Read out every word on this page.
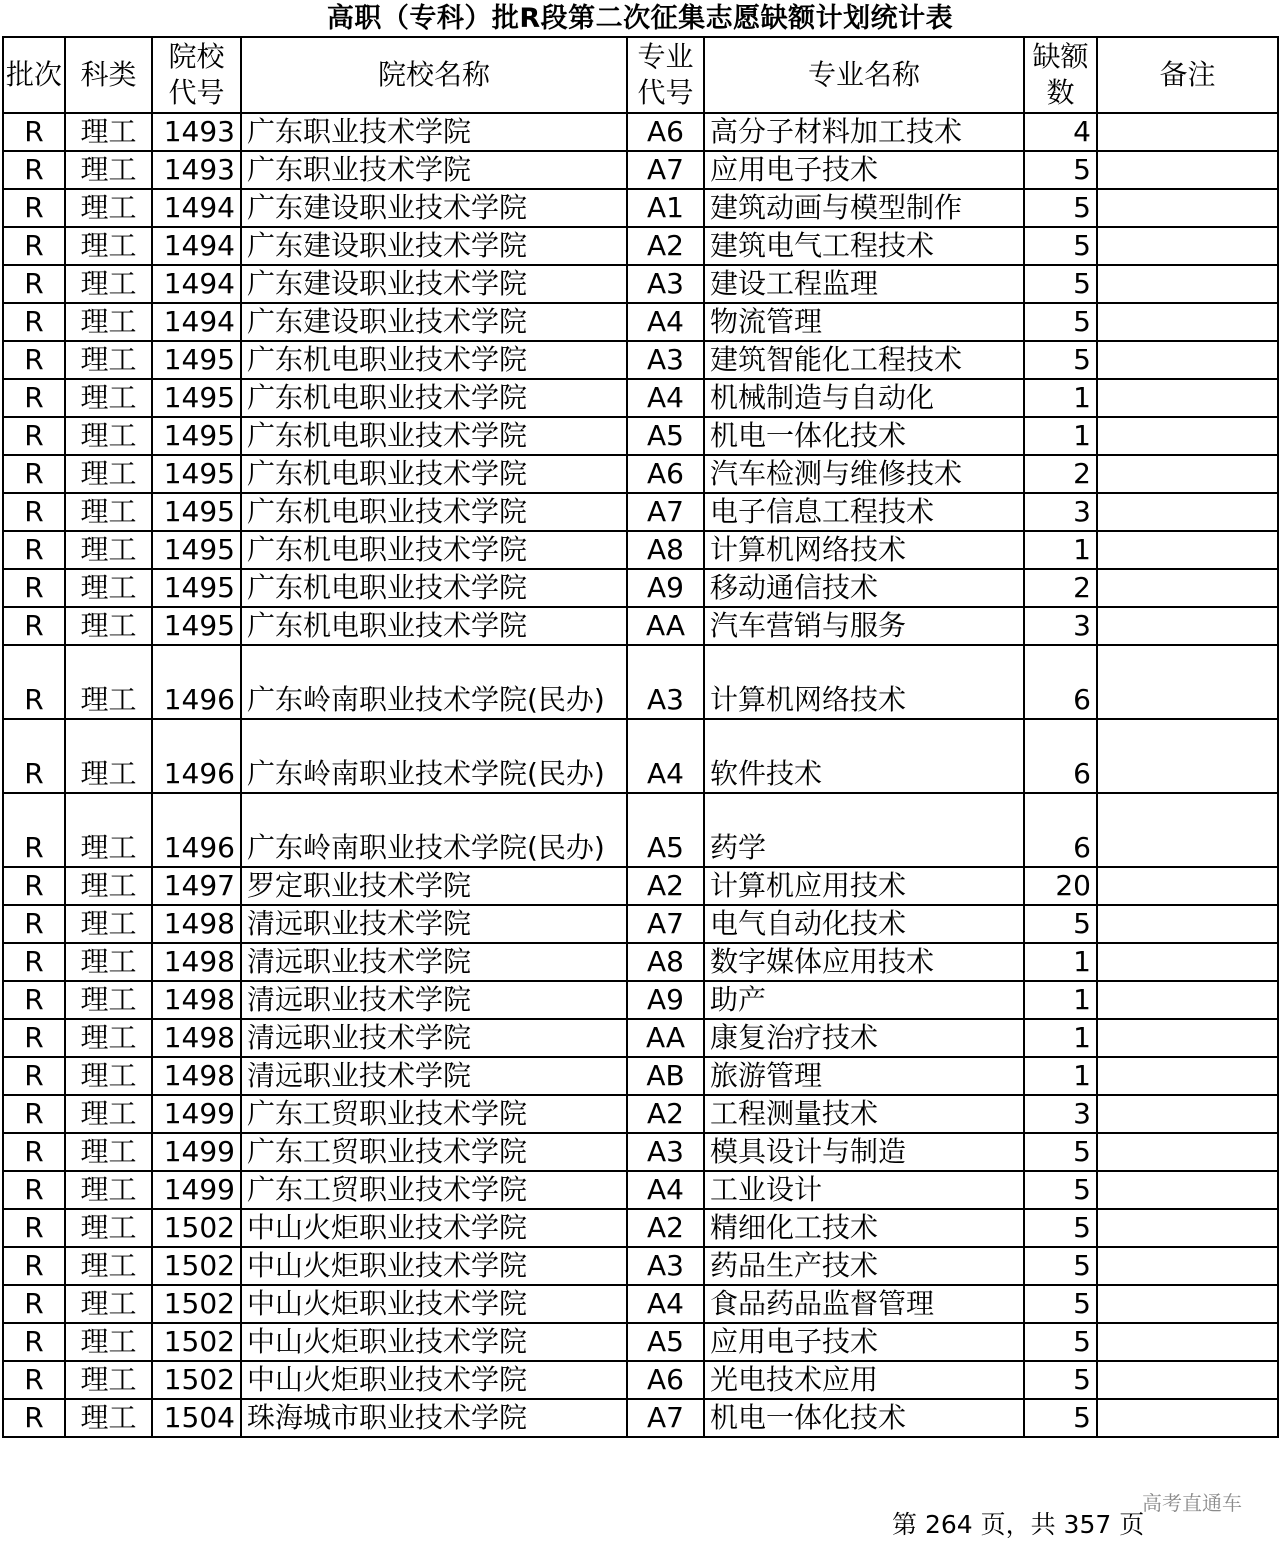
高职（专科）批R段第二次征集志愿缺额计划统计表
批次	科类	院校代号	院校名称	专业代号	专业名称	缺额数	备注
R	理工	1493	广东职业技术学院	A6	高分子材料加工技术	4	
R	理工	1493	广东职业技术学院	A7	应用电子技术	5	
R	理工	1494	广东建设职业技术学院	A1	建筑动画与模型制作	5	
R	理工	1494	广东建设职业技术学院	A2	建筑电气工程技术	5	
R	理工	1494	广东建设职业技术学院	A3	建设工程监理	5	
R	理工	1494	广东建设职业技术学院	A4	物流管理	5	
R	理工	1495	广东机电职业技术学院	A3	建筑智能化工程技术	5	
R	理工	1495	广东机电职业技术学院	A4	机械制造与自动化	1	
R	理工	1495	广东机电职业技术学院	A5	机电一体化技术	1	
R	理工	1495	广东机电职业技术学院	A6	汽车检测与维修技术	2	
R	理工	1495	广东机电职业技术学院	A7	电子信息工程技术	3	
R	理工	1495	广东机电职业技术学院	A8	计算机网络技术	1	
R	理工	1495	广东机电职业技术学院	A9	移动通信技术	2	
R	理工	1495	广东机电职业技术学院	AA	汽车营销与服务	3	
R	理工	1496	广东岭南职业技术学院(民办)	A3	计算机网络技术	6	
R	理工	1496	广东岭南职业技术学院(民办)	A4	软件技术	6	
R	理工	1496	广东岭南职业技术学院(民办)	A5	药学	6	
R	理工	1497	罗定职业技术学院	A2	计算机应用技术	20	
R	理工	1498	清远职业技术学院	A7	电气自动化技术	5	
R	理工	1498	清远职业技术学院	A8	数字媒体应用技术	1	
R	理工	1498	清远职业技术学院	A9	助产	1	
R	理工	1498	清远职业技术学院	AA	康复治疗技术	1	
R	理工	1498	清远职业技术学院	AB	旅游管理	1	
R	理工	1499	广东工贸职业技术学院	A2	工程测量技术	3	
R	理工	1499	广东工贸职业技术学院	A3	模具设计与制造	5	
R	理工	1499	广东工贸职业技术学院	A4	工业设计	5	
R	理工	1502	中山火炬职业技术学院	A2	精细化工技术	5	
R	理工	1502	中山火炬职业技术学院	A3	药品生产技术	5	
R	理工	1502	中山火炬职业技术学院	A4	食品药品监督管理	5	
R	理工	1502	中山火炬职业技术学院	A5	应用电子技术	5	
R	理工	1502	中山火炬职业技术学院	A6	光电技术应用	5	
R	理工	1504	珠海城市职业技术学院	A7	机电一体化技术	5	
高考直通车
第 264 页，共 357 页
